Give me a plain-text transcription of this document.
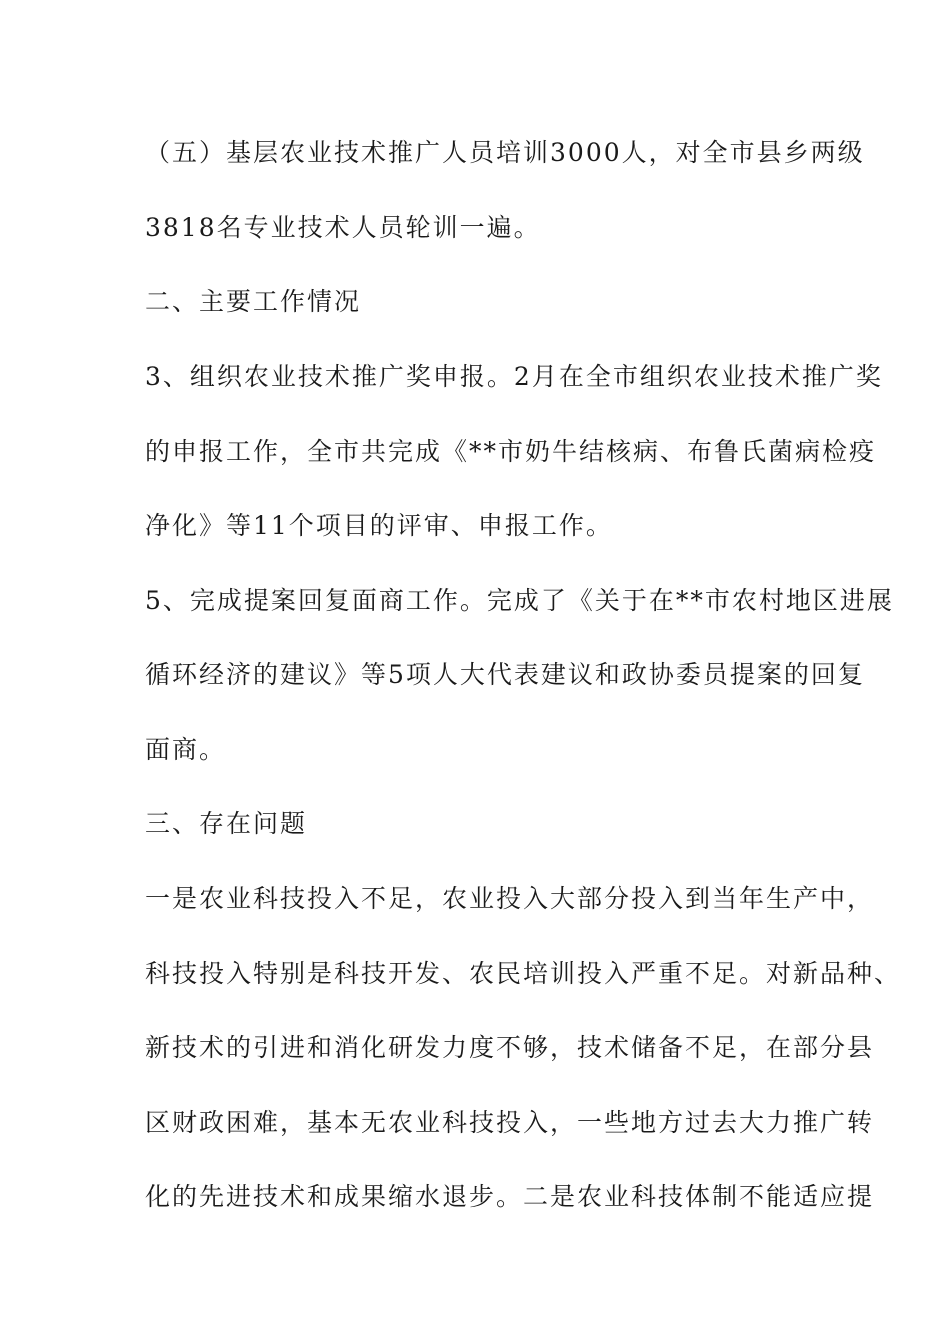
（五）基层农业技术推广人员培训3000人，对全市县乡两级
3818名专业技术人员轮训一遍。
二、主要工作情况
3、组织农业技术推广奖申报。2月在全市组织农业技术推广奖
的申报工作，全市共完成《**市奶牛结核病、布鲁氏菌病检疫
净化》等11个项目的评审、申报工作。
5、完成提案回复面商工作。完成了《关于在**市农村地区进展
循环经济的建议》等5项人大代表建议和政协委员提案的回复
面商。
三、存在问题
一是农业科技投入不足，农业投入大部分投入到当年生产中，
科技投入特别是科技开发、农民培训投入严重不足。对新品种、
新技术的引进和消化研发力度不够，技术储备不足，在部分县
区财政困难，基本无农业科技投入，一些地方过去大力推广转
化的先进技术和成果缩水退步。二是农业科技体制不能适应提
